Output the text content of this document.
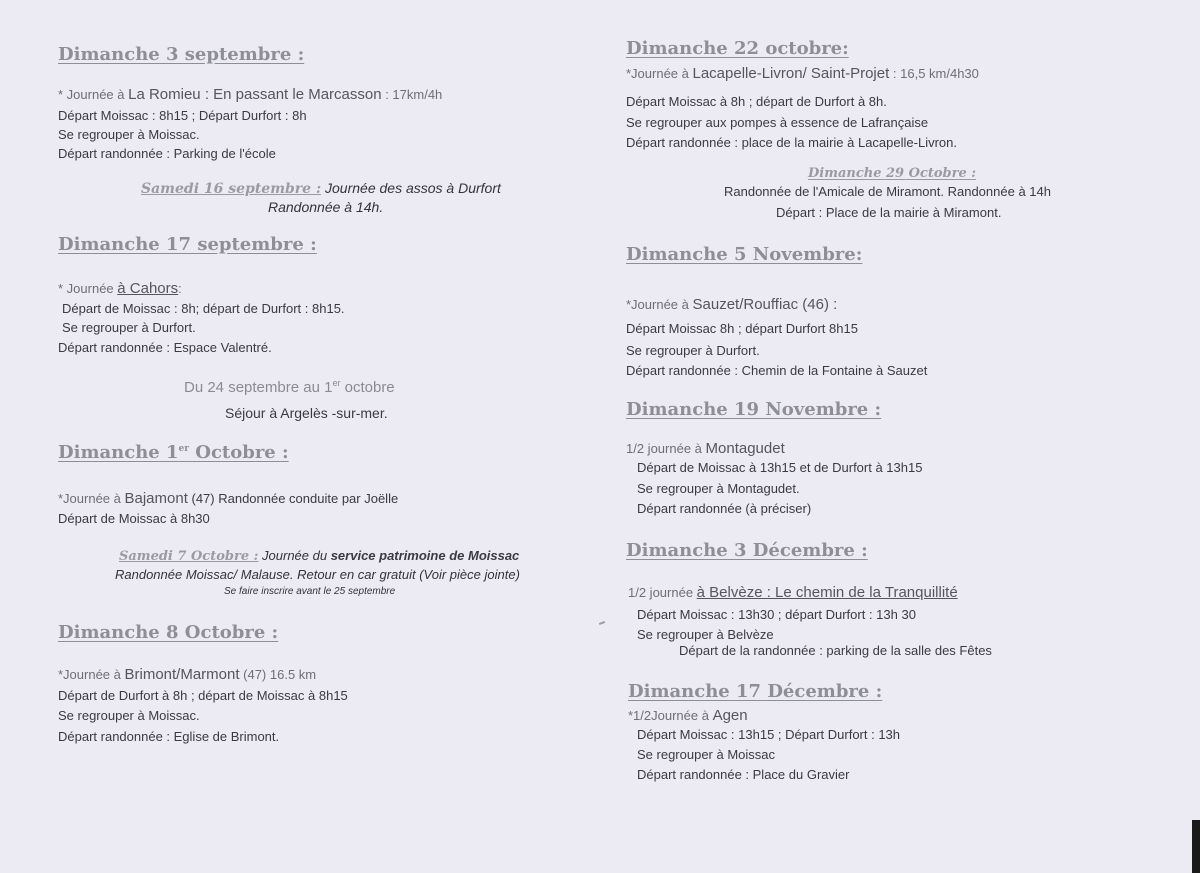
Dimanche 3 septembre :
* Journée à La Romieu : En passant le Marcasson : 17km/4h
Départ Moissac : 8h15 ; Départ Durfort : 8h
Se regrouper à Moissac.
Départ randonnée : Parking de l'école
Samedi 16 septembre : Journée des assos à Durfort
Randonnée à 14h.
Dimanche 17 septembre :
* Journée à Cahors:
Départ de Moissac : 8h; départ de Durfort : 8h15.
Se regrouper à Durfort.
Départ randonnée : Espace Valentré.
Du 24 septembre au 1er octobre
Séjour à Argelès -sur-mer.
Dimanche 1er Octobre :
*Journée à Bajamont (47) Randonnée conduite par Joëlle
Départ de Moissac à 8h30
Samedi 7 Octobre : Journée du service patrimoine de Moissac
Randonnée Moissac/ Malause. Retour en car gratuit (Voir pièce jointe)
Se faire inscrire avant le 25 septembre
Dimanche 8 Octobre :
*Journée à Brimont/Marmont (47) 16.5 km
Départ de Durfort à 8h ; départ de Moissac à 8h15
Se regrouper à Moissac.
Départ randonnée : Eglise de Brimont.
Dimanche 22 octobre:
*Journée à Lacapelle-Livron/ Saint-Projet : 16,5 km/4h30
Départ Moissac à 8h ; départ de Durfort à 8h.
Se regrouper aux pompes à essence de Lafrançaise
Départ randonnée : place de la mairie à Lacapelle-Livron.
Dimanche 29 Octobre :
Randonnée de l'Amicale de Miramont. Randonnée à 14h
Départ : Place de la mairie à Miramont.
Dimanche 5 Novembre:
*Journée à Sauzet/Rouffiac (46) :
Départ Moissac 8h ; départ Durfort 8h15
Se regrouper à Durfort.
Départ randonnée : Chemin de la Fontaine à Sauzet
Dimanche 19 Novembre :
1/2 journée à Montagudet
Départ de Moissac à 13h15 et de Durfort à 13h15
Se regrouper à Montagudet.
Départ randonnée (à préciser)
Dimanche 3 Décembre :
1/2 journée à Belvèze : Le chemin de la Tranquillité
Départ Moissac : 13h30 ; départ Durfort : 13h 30
Se regrouper à Belvèze
Départ de la randonnée : parking de la salle des Fêtes
Dimanche 17 Décembre :
*1/2Journée à Agen
Départ Moissac : 13h15 ; Départ Durfort : 13h
Se regrouper à Moissac
Départ randonnée : Place du Gravier
